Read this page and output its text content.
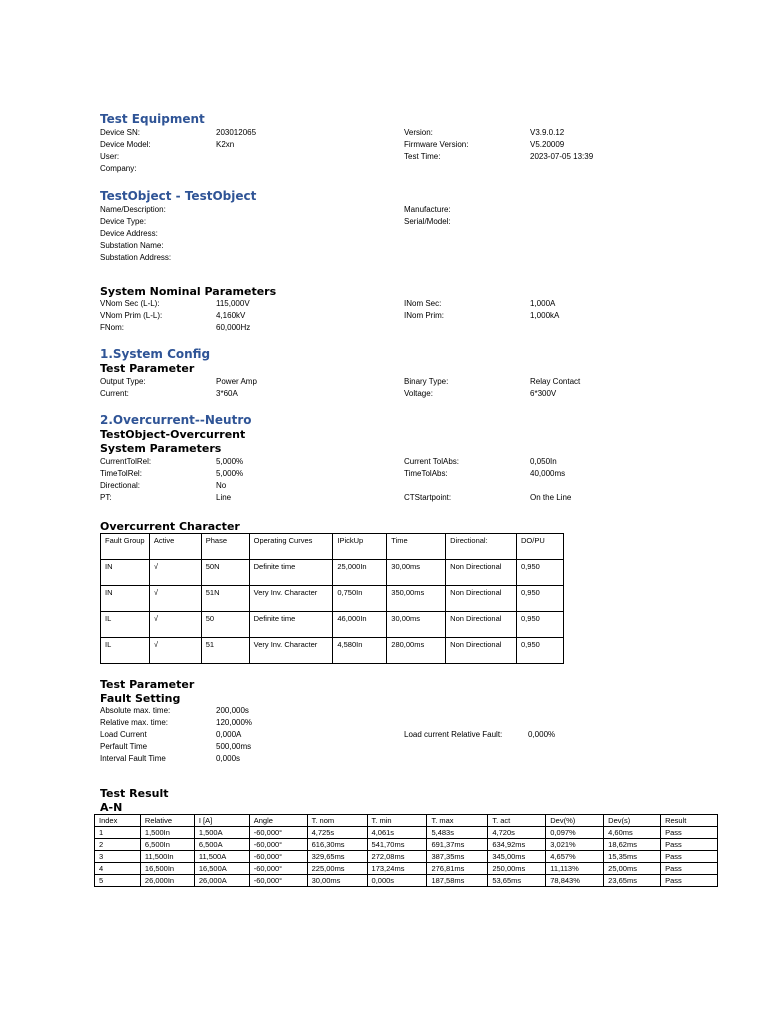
Test Equipment
Device SN:	203012065	Version:	V3.9.0.12
Device Model:	K2xn	Firmware Version:	V5.20009
User:	Test Time:	2023-07-05 13:39
Company:
TestObject - TestObject
Name/Description:	Manufacture:
Device Type:	Serial/Model:
Device Address:
Substation Name:
Substation Address:
System Nominal Parameters
VNom Sec (L-L):	115,000V	INom Sec:	1,000A
VNom Prim (L-L):	4,160kV	INom Prim:	1,000kA
FNom:	60,000Hz
1.System Config
Test Parameter
Output Type:	Power Amp	Binary Type:	Relay Contact
Current:	3*60A	Voltage:	6*300V
2.Overcurrent--Neutro
TestObject-Overcurrent
System Parameters
CurrentTolRel:	5,000%	Current TolAbs:	0,050In
TimeTolRel:	5,000%	TimeTolAbs:	40,000ms
Directional:	No
PT:	Line	CTStartpoint:	On the Line
Overcurrent Character
Fault Group	Active	Phase	Operating Curves	IPickUp	Time	Directional:	DO/PU
IN	√	50N	Definite time	25,000In	30,00ms	Non Directional	0,950
IN	√	51N	Very Inv. Character	0,750In	350,00ms	Non Directional	0,950
IL	√	50	Definite time	46,000In	30,00ms	Non Directional	0,950
IL	√	51	Very Inv. Character	4,580In	280,00ms	Non Directional	0,950
Test Parameter
Fault Setting
Absolute max. time:	200,000s
Relative max. time:	120,000%
Load Current	0,000A	Load current Relative Fault:	0,000%
Perfault Time	500,00ms
Interval Fault Time	0,000s
Test Result
A-N
Index	Relative	I [A]	Angle	T. nom	T. min	T. max	T. act	Dev(%)	Dev(s)	Result
1	1,500In	1,500A	-60,000°	4,725s	4,061s	5,483s	4,720s	0,097%	4,60ms	Pass
2	6,500In	6,500A	-60,000°	616,30ms	541,70ms	691,37ms	634,92ms	3,021%	18,62ms	Pass
3	11,500In	11,500A	-60,000°	329,65ms	272,08ms	387,35ms	345,00ms	4,657%	15,35ms	Pass
4	16,500In	16,500A	-60,000°	225,00ms	173,24ms	276,81ms	250,00ms	11,113%	25,00ms	Pass
5	26,000In	26,000A	-60,000°	30,00ms	0,000s	187,58ms	53,65ms	78,843%	23,65ms	Pass
